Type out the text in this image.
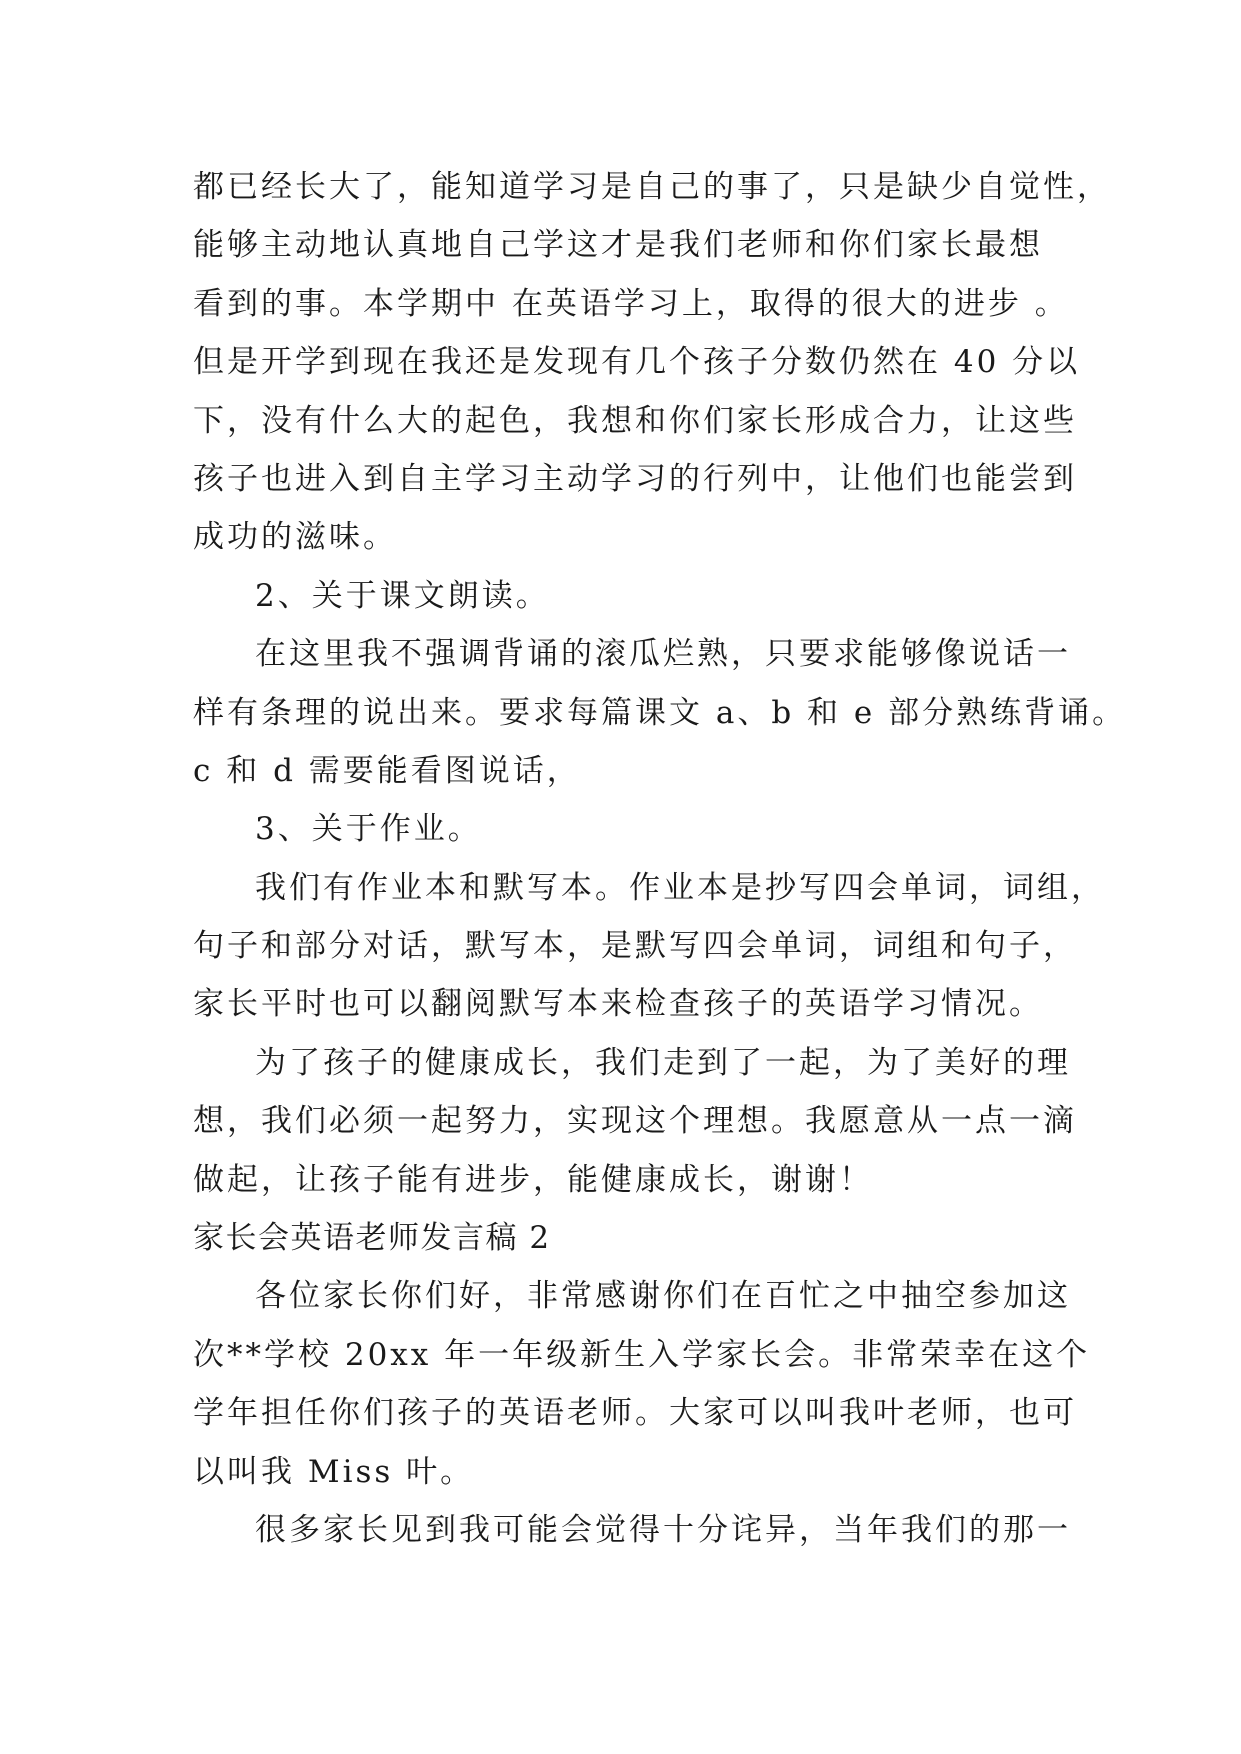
都已经长大了，能知道学习是自己的事了，只是缺少自觉性，
能够主动地认真地自己学这才是我们老师和你们家长最想
看到的事。本学期中 在英语学习上，取得的很大的进步 。
但是开学到现在我还是发现有几个孩子分数仍然在 40 分以
下，没有什么大的起色，我想和你们家长形成合力，让这些
孩子也进入到自主学习主动学习的行列中，让他们也能尝到
成功的滋味。
2、关于课文朗读。
在这里我不强调背诵的滚瓜烂熟，只要求能够像说话一
样有条理的说出来。要求每篇课文 a、b 和 e 部分熟练背诵。
c 和 d 需要能看图说话，
3、关于作业。
我们有作业本和默写本。作业本是抄写四会单词，词组，
句子和部分对话，默写本，是默写四会单词，词组和句子，
家长平时也可以翻阅默写本来检查孩子的英语学习情况。
为了孩子的健康成长，我们走到了一起，为了美好的理
想，我们必须一起努力，实现这个理想。我愿意从一点一滴
做起，让孩子能有进步，能健康成长，谢谢！
家长会英语老师发言稿 2
各位家长你们好，非常感谢你们在百忙之中抽空参加这
次**学校 20xx 年一年级新生入学家长会。非常荣幸在这个
学年担任你们孩子的英语老师。大家可以叫我叶老师，也可
以叫我 Miss 叶。
很多家长见到我可能会觉得十分诧异，当年我们的那一
